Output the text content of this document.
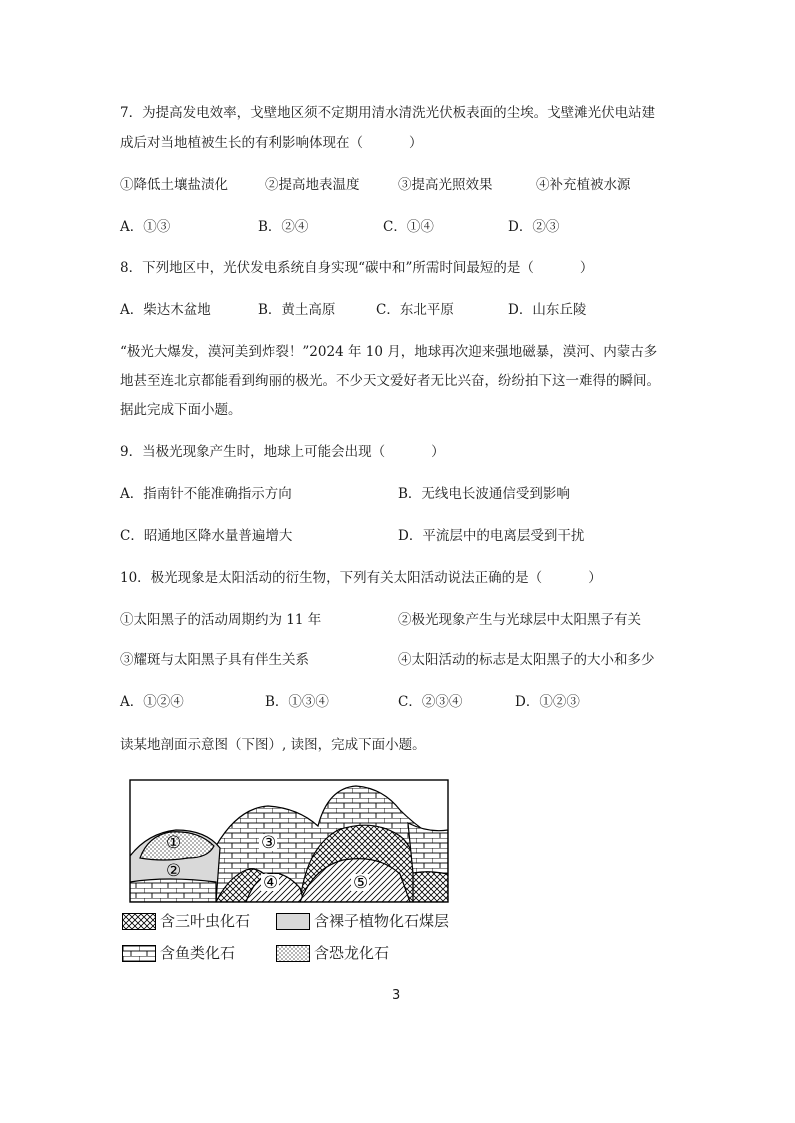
7．为提高发电效率，戈壁地区须不定期用清水清洗光伏板表面的尘埃。戈壁滩光伏电站建
成后对当地植被生长的有利影响体现在（	）
①降低土壤盐渍化	②提高地表温度	③提高光照效果	④补充植被水源
A．①③	B．②④	C．①④	D．②③
8．下列地区中，光伏发电系统自身实现“碳中和”所需时间最短的是（	）
A．柴达木盆地	B．黄土高原	C．东北平原	D．山东丘陵
“极光大爆发，漠河美到炸裂！”2024 年 10 月，地球再次迎来强地磁暴，漠河、内蒙古多
地甚至连北京都能看到绚丽的极光。不少天文爱好者无比兴奋，纷纷拍下这一难得的瞬间。
据此完成下面小题。
9．当极光现象产生时，地球上可能会出现（	）
A．指南针不能准确指示方向	B．无线电长波通信受到影响
C．昭通地区降水量普遍增大	D．平流层中的电离层受到干扰
10．极光现象是太阳活动的衍生物，下列有关太阳活动说法正确的是（	）
①太阳黑子的活动周期约为 11 年	②极光现象产生与光球层中太阳黑子有关
③耀斑与太阳黑子具有伴生关系	④太阳活动的标志是太阳黑子的大小和多少
A．①②④	B．①③④	C．②③④	D．①②③
读某地剖面示意图（下图）, 读图，完成下面小题。
①
②
③
④	⑤
含三叶虫化石	含裸子植物化石煤层
含鱼类化石	含恐龙化石
3
